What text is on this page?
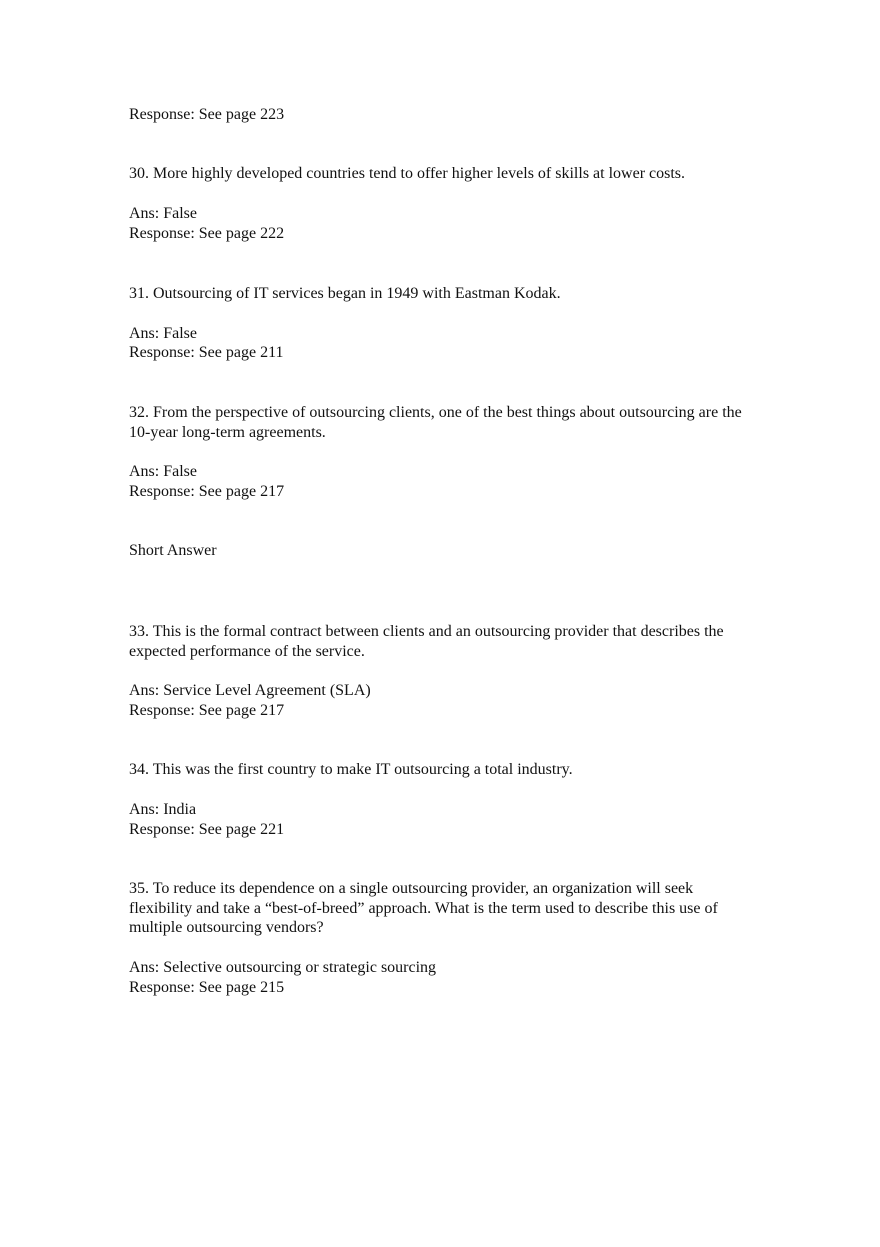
Response: See page 223

30. More highly developed countries tend to offer higher levels of skills at lower costs.

Ans: False

Response: See page 222

31. Outsourcing of IT services began in 1949 with Eastman Kodak.

Ans: False

Response: See page 211

32. From the perspective of outsourcing clients, one of the best things about outsourcing are the 10-year long-term agreements.

Ans: False

Response: See page 217

Short Answer

33. This is the formal contract between clients and an outsourcing provider that describes the expected performance of the service.

Ans: Service Level Agreement (SLA)

Response: See page 217

34. This was the first country to make IT outsourcing a total industry.

Ans: India

Response: See page 221

35. To reduce its dependence on a single outsourcing provider, an organization will seek flexibility and take a “best-of-breed” approach. What is the term used to describe this use of multiple outsourcing vendors?

Ans: Selective outsourcing or strategic sourcing

Response: See page 215
